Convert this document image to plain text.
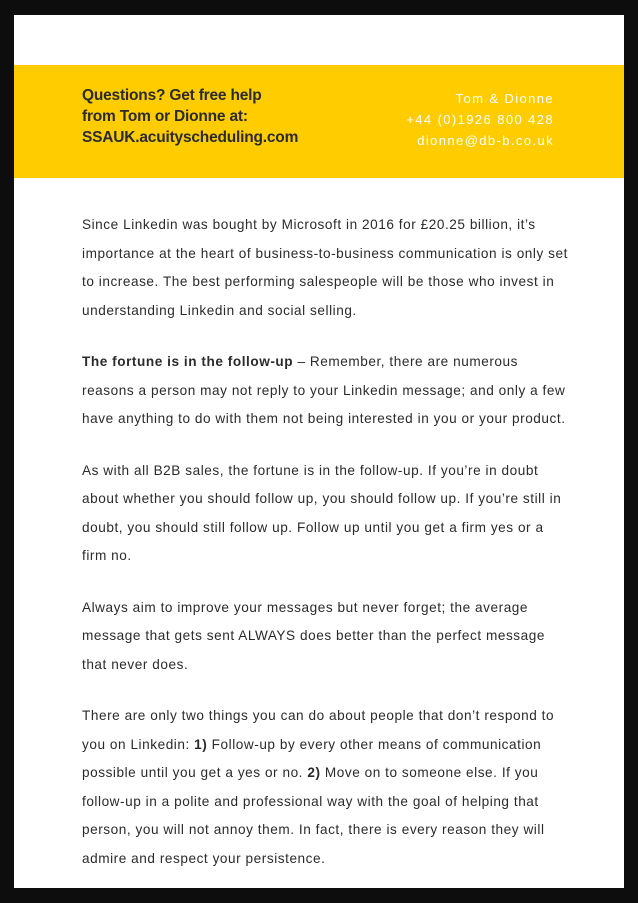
Questions? Get free help
from Tom or Dionne at:
SSAUK.acuityscheduling.com
Tom & Dionne
+44 (0)1926 800 428
dionne@db-b.co.uk

Since Linkedin was bought by Microsoft in 2016 for £20.25 billion, it’s importance at the heart of business-to-business communication is only set to increase. The best performing salespeople will be those who invest in understanding Linkedin and social selling.

The fortune is in the follow-up – Remember, there are numerous reasons a person may not reply to your Linkedin message; and only a few have anything to do with them not being interested in you or your product.

As with all B2B sales, the fortune is in the follow-up. If you’re in doubt about whether you should follow up, you should follow up. If you’re still in doubt, you should still follow up. Follow up until you get a firm yes or a firm no.

Always aim to improve your messages but never forget; the average message that gets sent ALWAYS does better than the perfect message that never does.

There are only two things you can do about people that don’t respond to you on Linkedin: 1) Follow-up by every other means of communication possible until you get a yes or no. 2) Move on to someone else. If you follow-up in a polite and professional way with the goal of helping that person, you will not annoy them. In fact, there is every reason they will admire and respect your persistence.
